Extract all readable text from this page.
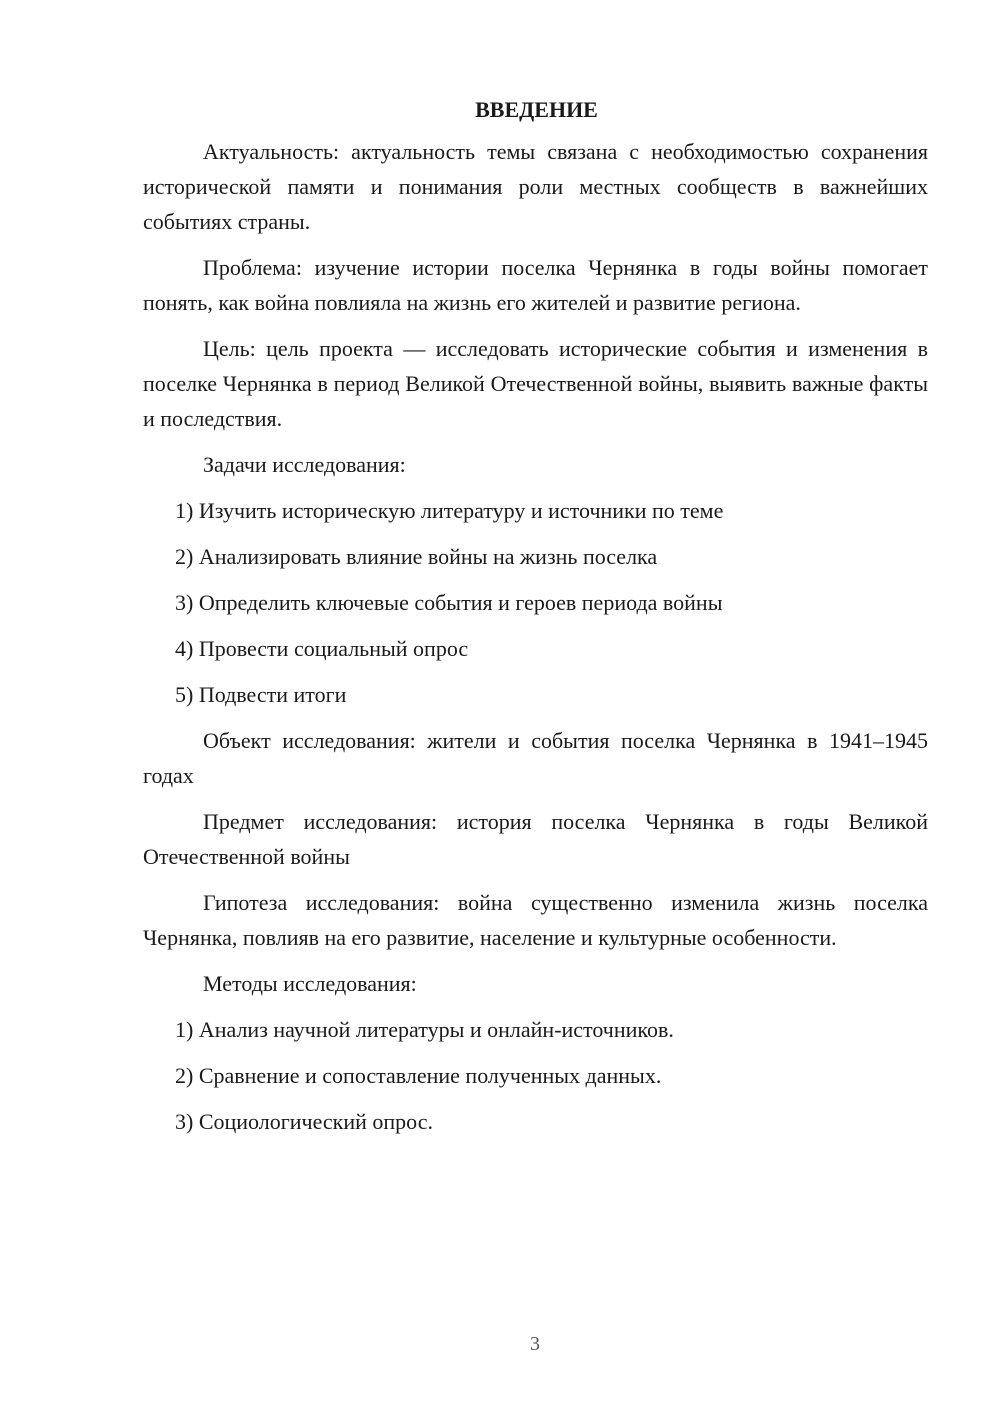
ВВЕДЕНИЕ

Актуальность: актуальность темы связана с необходимостью сохранения исторической памяти и понимания роли местных сообществ в важнейших событиях страны.

Проблема: изучение истории поселка Чернянка в годы войны помогает понять, как война повлияла на жизнь его жителей и развитие региона.

Цель: цель проекта — исследовать исторические события и изменения в поселке Чернянка в период Великой Отечественной войны, выявить важные факты и последствия.

Задачи исследования:

1) Изучить историческую литературу и источники по теме

2) Анализировать влияние войны на жизнь поселка

3) Определить ключевые события и героев периода войны

4) Провести социальный опрос

5) Подвести итоги

Объект исследования: жители и события поселка Чернянка в 1941–1945 годах

Предмет исследования: история поселка Чернянка в годы Великой Отечественной войны

Гипотеза исследования: война существенно изменила жизнь поселка Чернянка, повлияв на его развитие, население и культурные особенности.

Методы исследования:

1) Анализ научной литературы и онлайн-источников.

2) Сравнение и сопоставление полученных данных.

3) Социологический опрос.

3
